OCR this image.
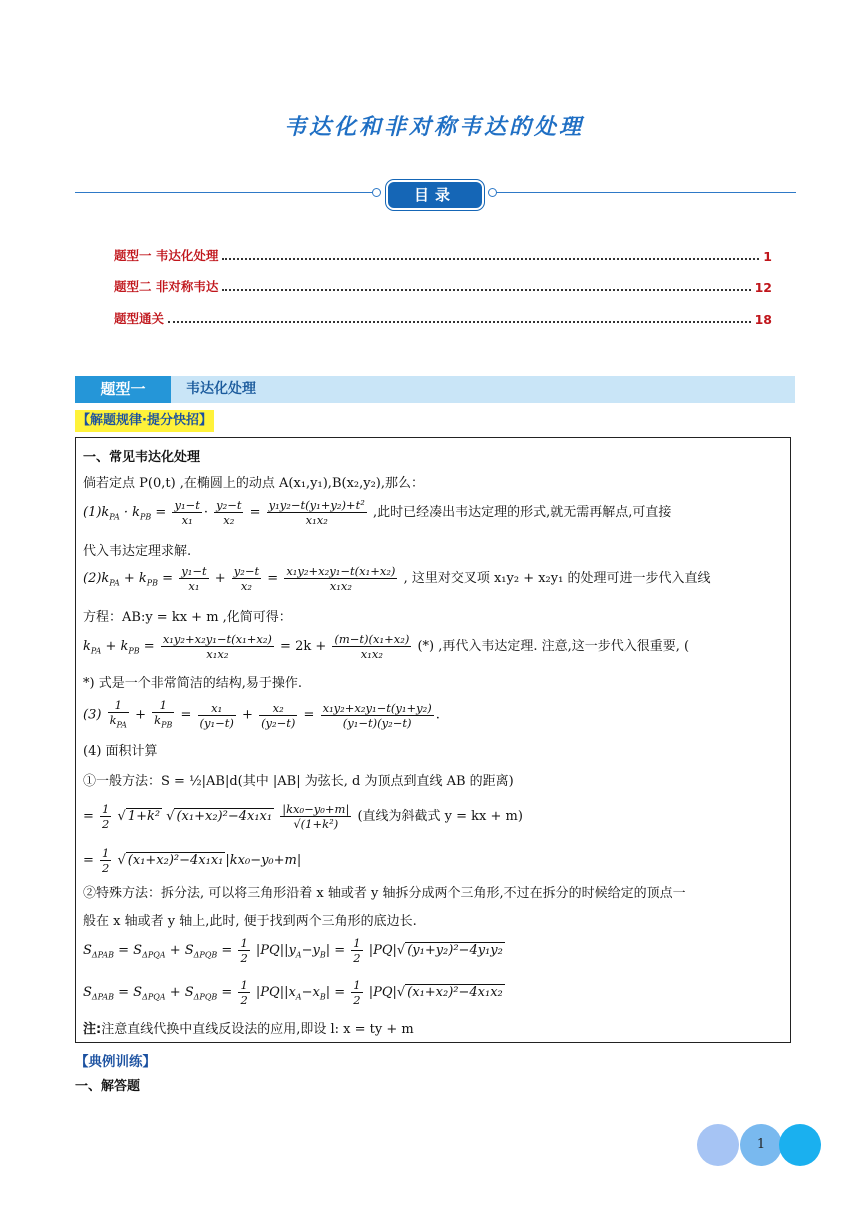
韦达化和非对称韦达的处理
目录
题型一 韦达化处理	1
题型二 非对称韦达	12
题型通关	18
题型一	韦达化处理
【解题规律·提分快招】
一、常见韦达化处理
倘若定点 P(0,t) ,在椭圆上的动点 A(x₁,y₁),B(x₂,y₂),那么：
$(1)k_{PA} \cdot k_{PB} = \frac{\text{y₁−t}}{\text{x₁}} \cdot \frac{\text{y₂−t}}{\text{x₂}} = \frac{\text{y₁y₂−t(y₁+y₂)+t²}}{\text{x₁x₂}}$ ,此时已经凑出韦达定理的形式,就无需再解点,可直接
代入韦达定理求解.
$(2)k_{PA} + k_{PB} = \frac{\text{y₁−t}}{\text{x₁}} + \frac{\text{y₂−t}}{\text{x₂}} = \frac{\text{x₁y₂+x₂y₁−t(x₁+x₂)}}{\text{x₁x₂}}$ , 这里对交叉项 x₁y₂ + x₂y₁ 的处理可进一步代入直线
方程：AB:y = kx + m ,化简可得：
$k_{PA} + k_{PB} = \frac{\text{x₁y₂+x₂y₁−t(x₁+x₂)}}{\text{x₁x₂}} = 2k + \frac{\text{(m−t)(x₁+x₂)}}{\text{x₁x₂}}$ (*) ,再代入韦达定理. 注意,这一步代入很重要, (
*) 式是一个非常简洁的结构,易于操作.
$(3) \frac{1}{k_{PA}} + \frac{1}{k_{PB}} = \frac{\text{x₁}}{\text{(y₁−t)}} + \frac{\text{x₂}}{\text{(y₂−t)}} = \frac{\text{x₁y₂+x₂y₁−t(y₁+y₂)}}{\text{(y₁−t)(y₂−t)}}$ .
(4) 面积计算
①一般方法：S = ½|AB|d(其中 |AB| 为弦长, d 为顶点到直线 AB 的距离)
= $\frac{1}{2}$ √ 1+k² √ $(x_1+x_2)^2-4x_1x_1 \frac{\text{|kx₀−y₀+m|}}{\text{√(1+k²)}}$ (直线为斜截式 y = kx + m)
= $\frac{1}{2}$ √ (x₁+x₂)²−4x₁x₁ |kx₀−y₀+m|
②特殊方法：拆分法, 可以将三角形沿着 x 轴或者 y 轴拆分成两个三角形,不过在拆分的时候给定的顶点一
般在 x 轴或者 y 轴上,此时, 便于找到两个三角形的底边长.
$S_{\Delta PAB} = S_{\Delta PQA} + S_{\Delta PQB} = \frac{1}{2} |PQ||y_A-y_B| = \frac{1}{2} |PQ|√$ (y₁+y₂)²−4y₁y₂
$S_{\Delta PAB} = S_{\Delta PQA} + S_{\Delta PQB} = \frac{1}{2} |PQ||x_A-x_B| = \frac{1}{2} |PQ|√$ (x₁+x₂)²−4x₁x₂
注:注意直线代换中直线反设法的应用,即设 l: x = ty + m
【典例训练】
一、解答题
1
